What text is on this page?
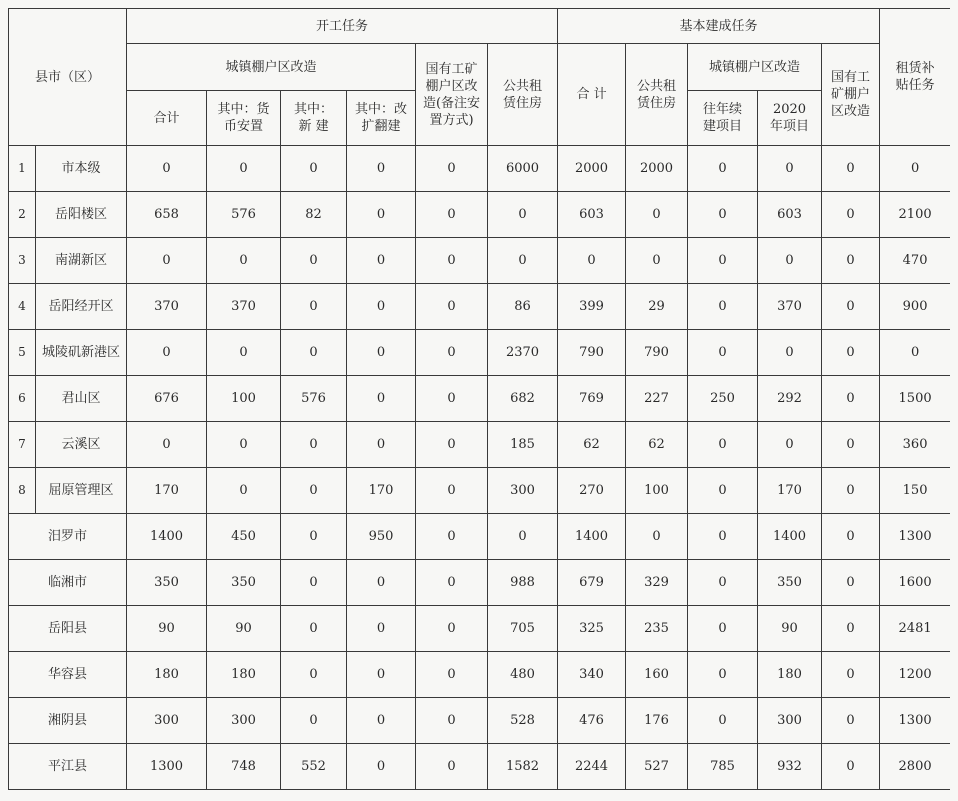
县市（区）		开工任务						基本建成任务					租赁补贴任务
		城镇棚户区改造				国有工矿棚户区改造(备注安置方式)	公共租赁住房	合 计	公共租赁住房	城镇棚户区改造		国有工矿棚户区改造	
		合计	其中：货币安置	其中：新 建	其中：改扩翻建					往年续建项目	2020年项目		
1	市本级	0	0	0	0	0	6000	2000	2000	0	0	0	0
2	岳阳楼区	658	576	82	0	0	0	603	0	0	603	0	2100
3	南湖新区	0	0	0	0	0	0	0	0	0	0	0	470
4	岳阳经开区	370	370	0	0	0	86	399	29	0	370	0	900
5	城陵矶新港区	0	0	0	0	0	2370	790	790	0	0	0	0
6	君山区	676	100	576	0	0	682	769	227	250	292	0	1500
7	云溪区	0	0	0	0	0	185	62	62	0	0	0	360
8	屈原管理区	170	0	0	170	0	300	270	100	0	170	0	150
汨罗市		1400	450	0	950	0	0	1400	0	0	1400	0	1300
临湘市		350	350	0	0	0	988	679	329	0	350	0	1600
岳阳县		90	90	0	0	0	705	325	235	0	90	0	2481
华容县		180	180	0	0	0	480	340	160	0	180	0	1200
湘阴县		300	300	0	0	0	528	476	176	0	300	0	1300
平江县		1300	748	552	0	0	1582	2244	527	785	932	0	2800
